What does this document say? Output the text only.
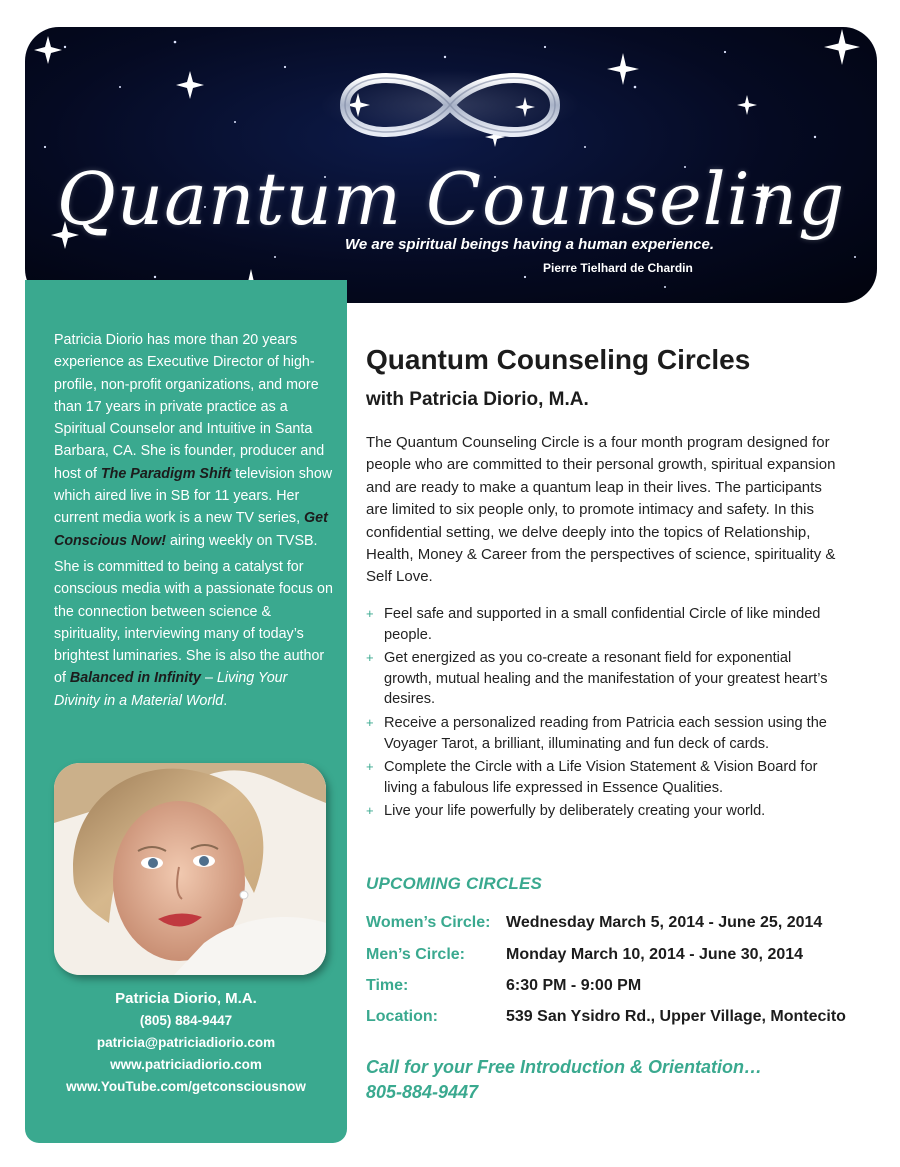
Quantum Counseling
We are spiritual beings having a human experience.
Pierre Tielhard de Chardin

Patricia Diorio has more than 20 years experience as Executive Director of high-profile, non-profit organizations, and more than 17 years in private practice as a Spiritual Counselor and Intuitive in Santa Barbara, CA. She is founder, producer and host of The Paradigm Shift television show which aired live in SB for 11 years. Her current media work is a new TV series, Get Conscious Now! airing weekly on TVSB.

She is committed to being a catalyst for conscious media with a passionate focus on the connection between science & spirituality, interviewing many of today’s brightest luminaries. She is also the author of Balanced in Infinity – Living Your Divinity in a Material World.

Patricia Diorio, M.A.
(805) 884-9447
patricia@patriciadiorio.com
www.patriciadiorio.com
www.YouTube.com/getconsciousnow
Quantum Counseling Circles
with Patricia Diorio, M.A.

The Quantum Counseling Circle is a four month program designed for people who are committed to their personal growth, spiritual expansion and are ready to make a quantum leap in their lives. The participants are limited to six people only, to promote intimacy and safety. In this confidential setting, we delve deeply into the topics of Relationship, Health, Money & Career from the perspectives of science, spirituality & Self Love.

+ Feel safe and supported in a small confidential Circle of like minded people.
+ Get energized as you co-create a resonant field for exponential growth, mutual healing and the manifestation of your greatest heart’s desires.
+ Receive a personalized reading from Patricia each session using the Voyager Tarot, a brilliant, illuminating and fun deck of cards.
+ Complete the Circle with a Life Vision Statement & Vision Board for living a fabulous life expressed in Essence Qualities.
+ Live your life powerfully by deliberately creating your world.
UPCOMING CIRCLES
Women’s Circle: Wednesday March 5, 2014 - June 25, 2014
Men’s Circle:	Monday March 10, 2014 - June 30, 2014
Time:	6:30 PM - 9:00 PM
Location:	539 San Ysidro Rd., Upper Village, Montecito
Call for your Free Introduction & Orientation…
805-884-9447
